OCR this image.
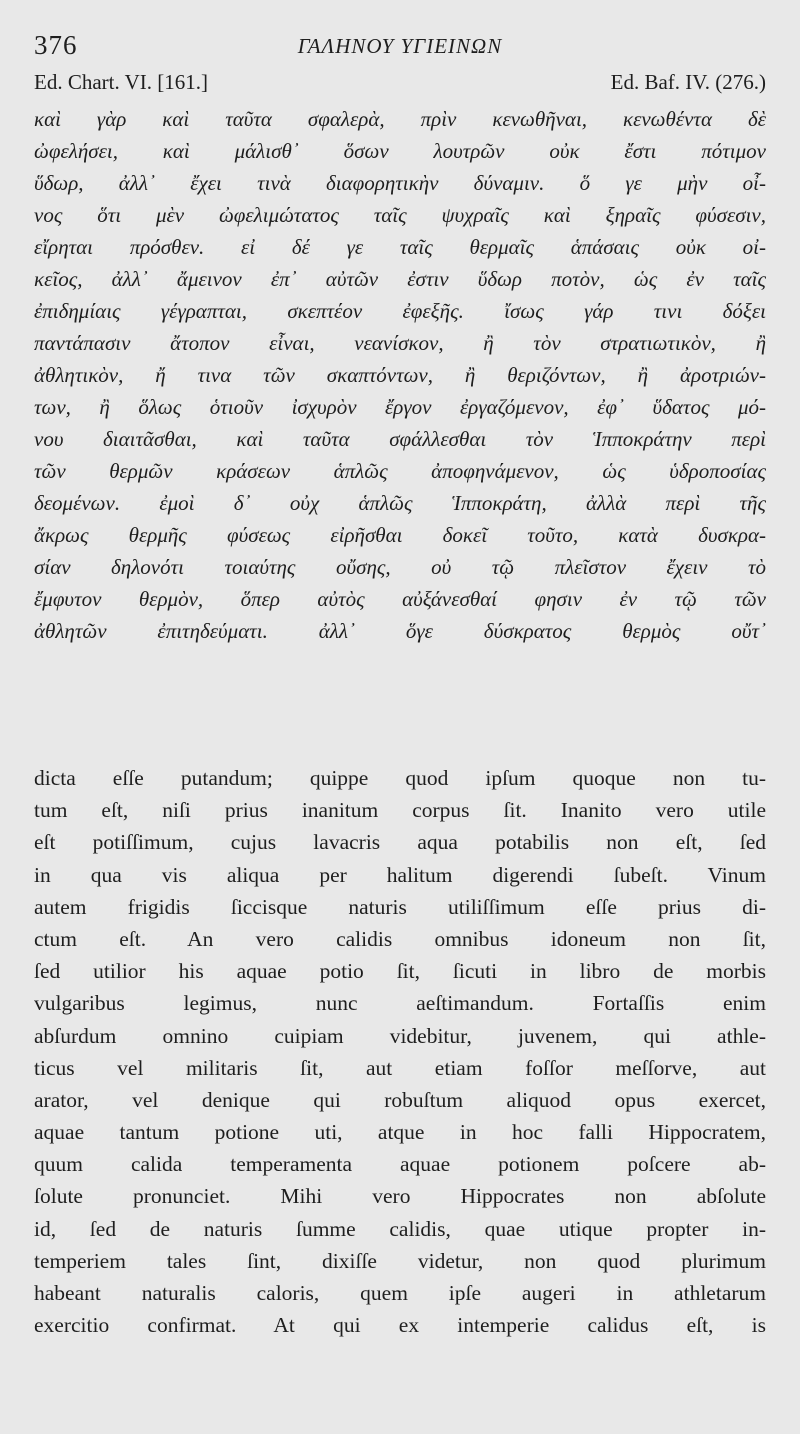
376	ΓΑΛΗΝΟΥ ΥΓΙΕΙΝΩΝ
Ed. Chart. VI. [161.]	Ed. Baf. IV. (276.)
καὶ γὰρ καὶ ταῦτα σφαλερὰ, πρὶν κενωθῆναι, κενωθέντα δὲ
ὠφελήσει, καὶ μάλισθ᾽ ὅσων λουτρῶν οὐκ ἔστι πότιμον
ὕδωρ, ἀλλ᾽ ἔχει τινὰ διαφορητικὴν δύναμιν. ὅ γε μὴν οἶ-
νος ὅτι μὲν ὠφελιμώτατος ταῖς ψυχραῖς καὶ ξηραῖς φύσεσιν,
εἴρηται πρόσθεν. εἰ δέ γε ταῖς θερμαῖς ἁπάσαις οὐκ οἰ-
κεῖος, ἀλλ᾽ ἄμεινον ἐπ᾽ αὐτῶν ἐστιν ὕδωρ ποτὸν, ὡς ἐν ταῖς
ἐπιδημίαις γέγραπται, σκεπτέον ἐφεξῆς. ἴσως γάρ τινι δόξει
παντάπασιν ἄτοπον εἶναι, νεανίσκον, ἢ τὸν στρατιωτικὸν, ἢ
ἀθλητικὸν, ἤ τινα τῶν σκαπτόντων, ἢ θεριζόντων, ἢ ἀροτριών-
των, ἢ ὅλως ὁτιοῦν ἰσχυρὸν ἔργον ἐργαζόμενον, ἐφ᾽ ὕδατος μό-
νου διαιτᾶσθαι, καὶ ταῦτα σφάλλεσθαι τὸν Ἱπποκράτην περὶ
τῶν θερμῶν κράσεων ἁπλῶς ἀποφηνάμενον, ὡς ὑδροποσίας
δεομένων. ἐμοὶ δ᾽ οὐχ ἁπλῶς Ἱπποκράτη, ἀλλὰ περὶ τῆς
ἄκρως θερμῆς φύσεως εἰρῆσθαι δοκεῖ τοῦτο, κατὰ δυσκρα-
σίαν δηλονότι τοιαύτης οὔσης, οὐ τῷ πλεῖστον ἔχειν τὸ
ἔμφυτον θερμὸν, ὅπερ αὐτὸς αὐξάνεσθαί φησιν ἐν τῷ τῶν
ἀθλητῶν ἐπιτηδεύματι. ἀλλ᾽ ὅγε δύσκρατος θερμὸς οὔτ᾽
dicta eſſe putandum; quippe quod ipſum quoque non tu-
tum eſt, niſi prius inanitum corpus ſit. Inanito vero utile
eſt potiſſimum, cujus lavacris aqua potabilis non eſt, ſed
in qua vis aliqua per halitum digerendi ſubeſt. Vinum
autem frigidis ſiccisque naturis utiliſſimum eſſe prius di-
ctum eſt. An vero calidis omnibus idoneum non ſit,
ſed utilior his aquae potio ſit, ſicuti in libro de morbis
vulgaribus legimus, nunc aeſtimandum. Fortaſſis enim
abſurdum omnino cuipiam videbitur, juvenem, qui athle-
ticus vel militaris ſit, aut etiam foſſor meſſorve, aut
arator, vel denique qui robuſtum aliquod opus exercet,
aquae tantum potione uti, atque in hoc falli Hippocratem,
quum calida temperamenta aquae potionem poſcere ab-
ſolute pronunciet. Mihi vero Hippocrates non abſolute
id, ſed de naturis ſumme calidis, quae utique propter in-
temperiem tales ſint, dixiſſe videtur, non quod plurimum
habeant naturalis caloris, quem ipſe augeri in athletarum
exercitio confirmat. At qui ex intemperie calidus eſt, is
